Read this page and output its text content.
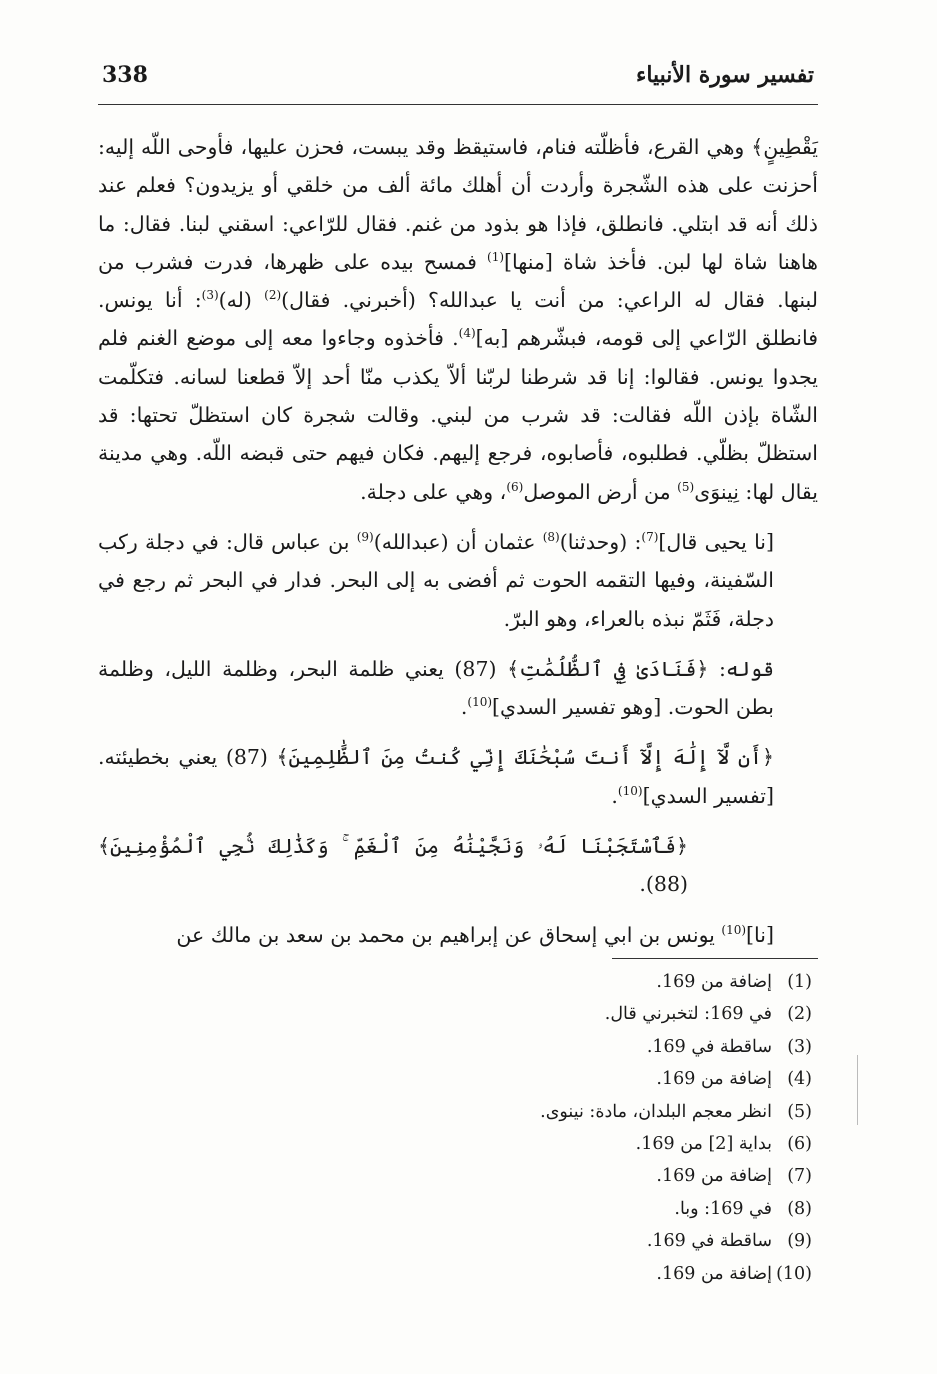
338	تفسير سورة الأنبياء

يَقْطِينٍ﴾ وهي القرع، فأظلّته فنام، فاستيقظ وقد يبست، فحزن عليها، فأوحى اللّه إليه: أحزنت على هذه الشّجرة وأردت أن أهلك مائة ألف من خلقي أو يزيدون؟ فعلم عند ذلك أنه قد ابتلي. فانطلق، فإذا هو بذود من غنم. فقال للرّاعي: اسقني لبنا. فقال: ما هاهنا شاة لها لبن. فأخذ شاة [منها]$^{(1)}$ فمسح بيده على ظهرها، فدرت فشرب من لبنها. فقال له الراعي: من أنت يا عبدالله؟ (أخبرني. فقال)$^{(2)}$ (له)$^{(3)}$: أنا يونس. فانطلق الرّاعي إلى قومه، فبشّرهم [به]$^{(4)}$. فأخذوه وجاءوا معه إلى موضع الغنم فلم يجدوا يونس. فقالوا: إنا قد شرطنا لربّنا ألاّ يكذب منّا أحد إلاّ قطعنا لسانه. فتكلّمت الشّاة بإذن اللّه فقالت: قد شرب من لبني. وقالت شجرة كان استظلّ تحتها: قد استظلّ بظلّي. فطلبوه، فأصابوه، فرجع إليهم. فكان فيهم حتى قبضه اللّه. وهي مدينة يقال لها: نِينوَى$^{(5)}$ من أرض الموصل$^{(6)}$، وهي على دجلة.

[نا يحيى قال]$^{(7)}$: (وحدثنا)$^{(8)}$ عثمان أن (عبدالله)$^{(9)}$ بن عباس قال: في دجلة ركب السّفينة، وفيها التقمه الحوت ثم أفضى به إلى البحر. فدار في البحر ثم رجع في دجلة، فَثَمّ نبذه بالعراء، وهو البرّ.

قوله: ﴿فَنَادَىٰ فِي ٱلظُّلُمَٰتِ﴾ (87) يعني ظلمة البحر، وظلمة الليل، وظلمة بطن الحوت. [وهو تفسير السدي]$^{(10)}$.

﴿أَن لَّآ إِلَٰهَ إِلَّآ أَنتَ سُبْحَٰنَكَ إِنِّي كُنتُ مِنَ ٱلظَّٰلِمِينَ﴾ (87) يعني بخطيئته. [تفسير السدي]$^{(10)}$.

﴿فَٱسْتَجَبْنَا لَهُۥ وَنَجَّيْنَٰهُ مِنَ ٱلْغَمِّ ۚ وَكَذَٰلِكَ نُۨجِي ٱلْمُؤْمِنِينَ﴾ (88).

[نا]$^{(10)}$ يونس بن ابي إسحاق عن إبراهيم بن محمد بن سعد بن مالك عن

(1)إضافة من 169.
(2)في 169: لتخبرني قال.
(3)ساقطة في 169.
(4)إضافة من 169.
(5)انظر معجم البلدان، مادة: نينوى.
(6)بداية [2] من 169.
(7)إضافة من 169.
(8)في 169: وبا.
(9)ساقطة في 169.
(10)إضافة من 169.
